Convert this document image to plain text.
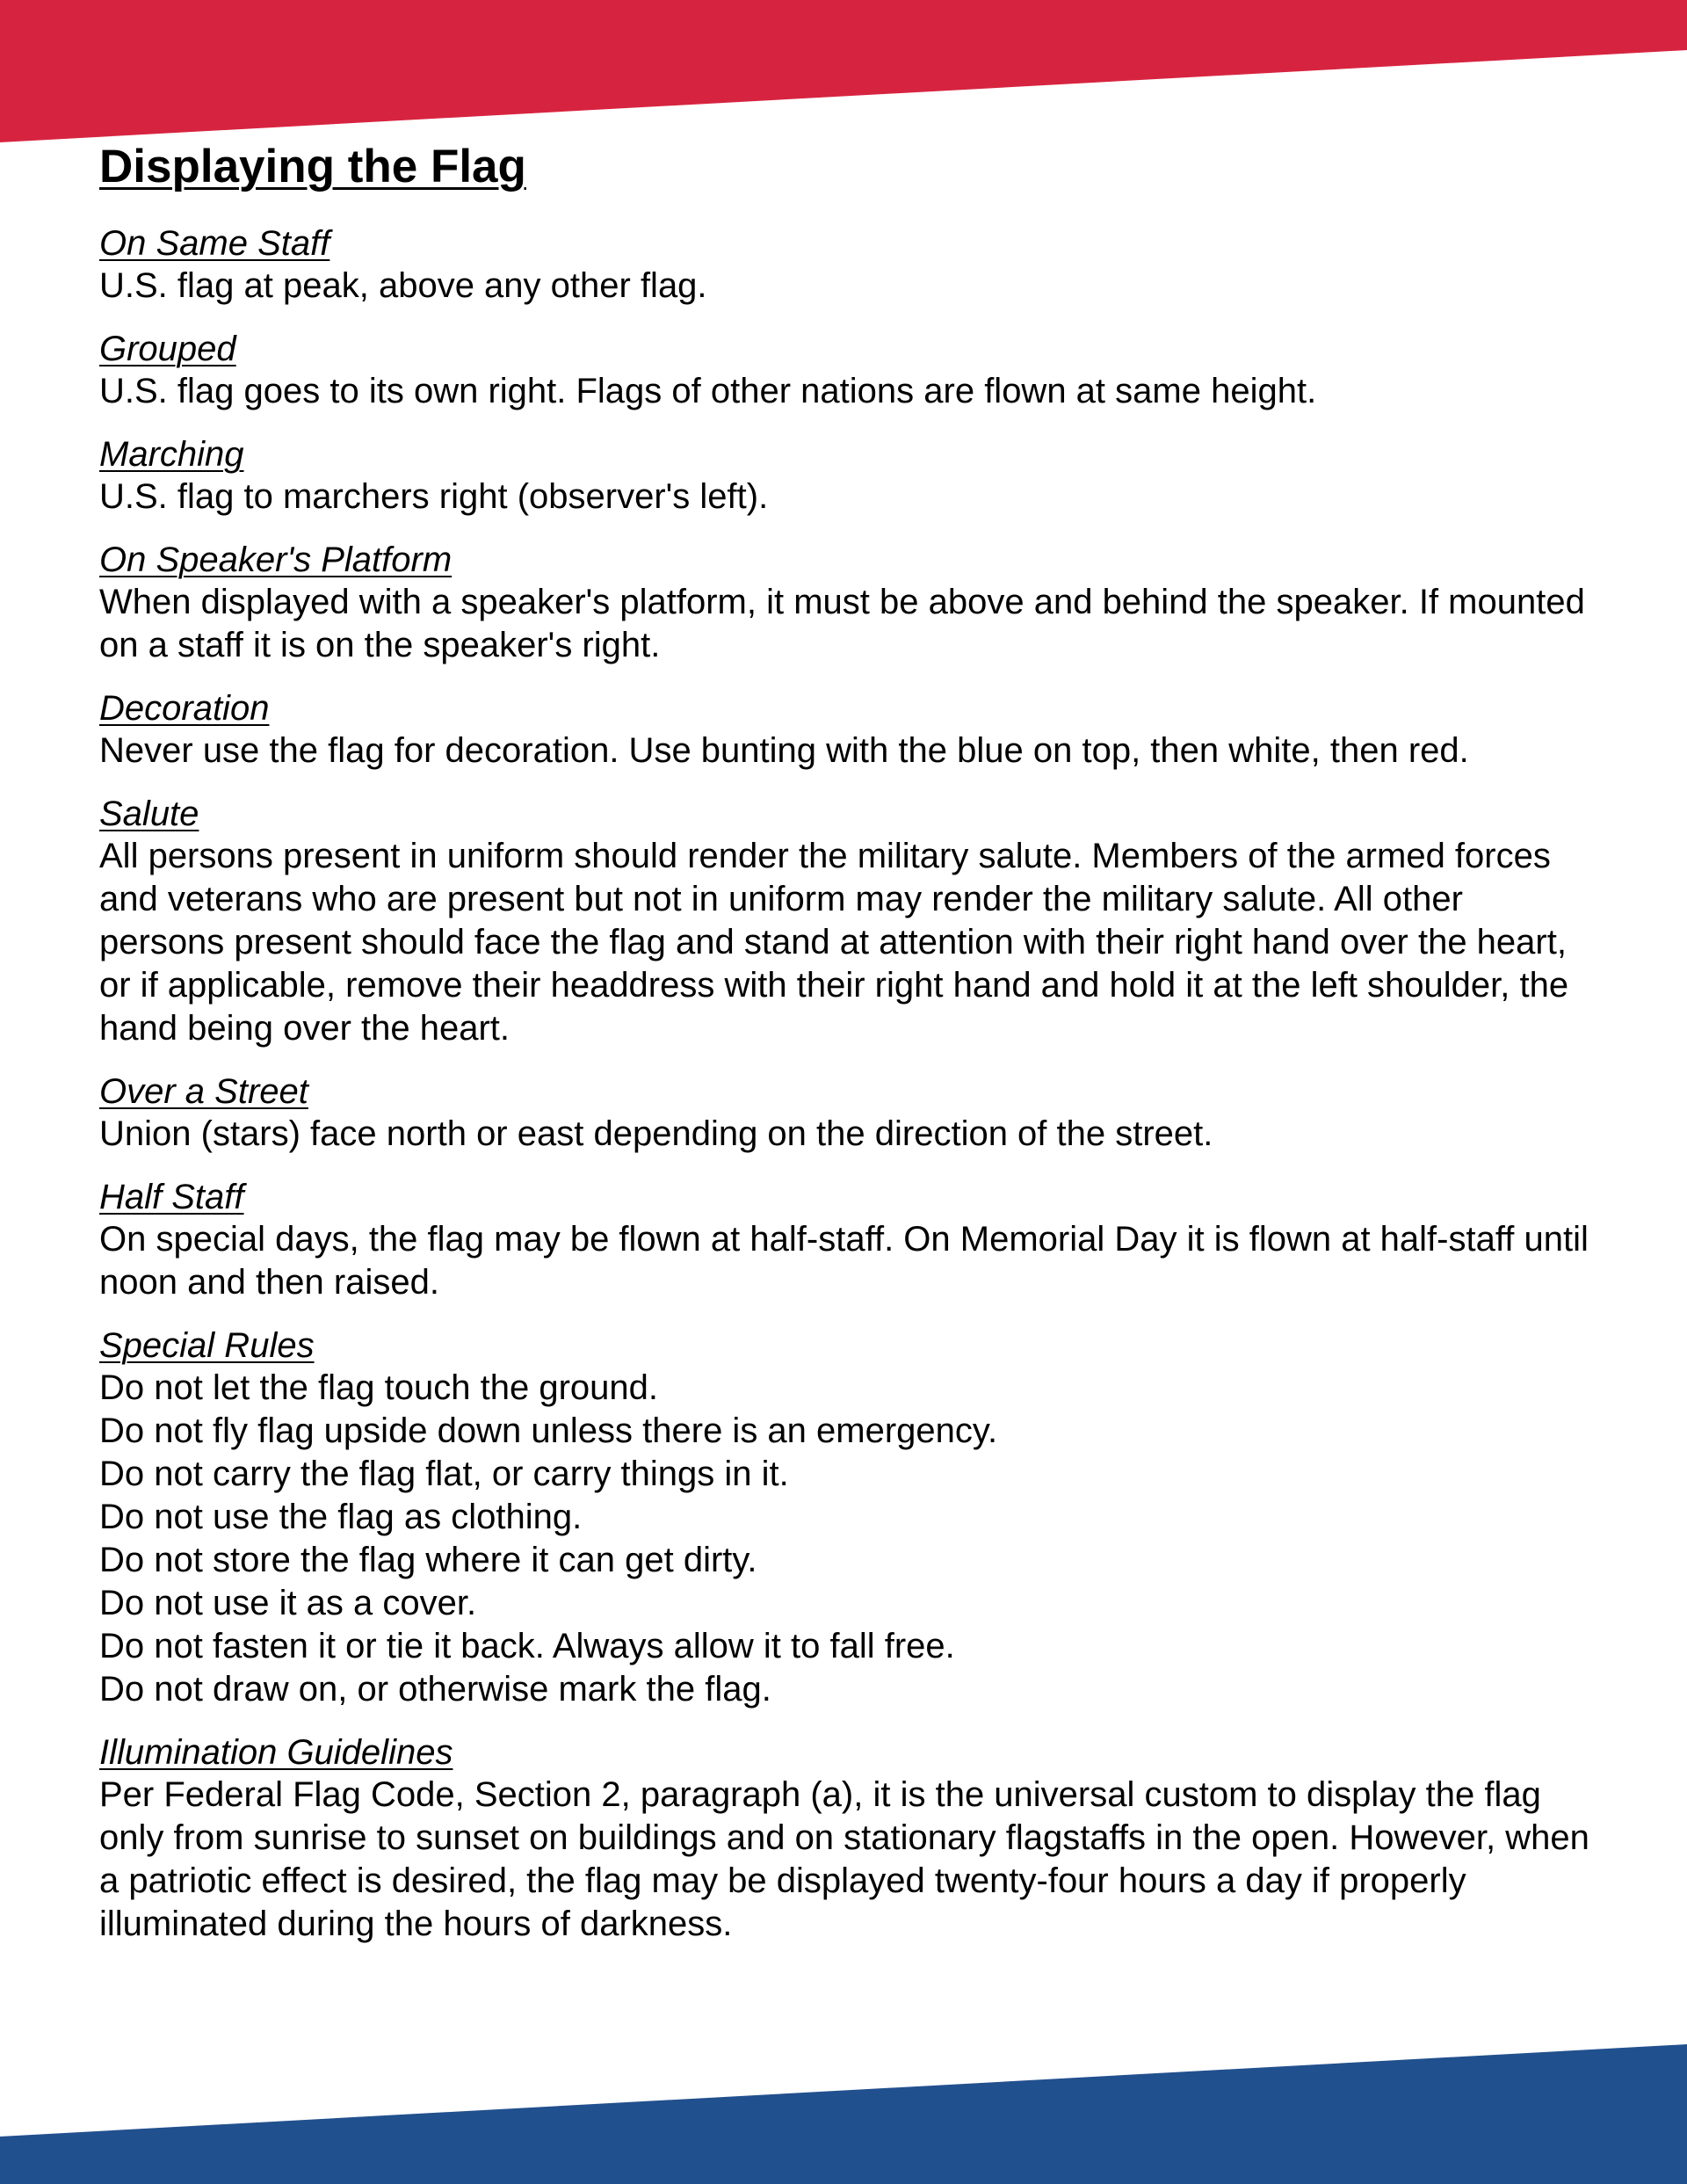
Displaying the Flag
On Same Staff

U.S. flag at peak, above any other flag.

Grouped

U.S. flag goes to its own right. Flags of other nations are flown at same height.

Marching

U.S. flag to marchers right (observer's left).

On Speaker's Platform

When displayed with a speaker's platform, it must be above and behind the speaker. If mounted on a staff it is on the speaker's right.

Decoration

Never use the flag for decoration. Use bunting with the blue on top, then white, then red.

Salute

All persons present in uniform should render the military salute. Members of the armed forces and veterans who are present but not in uniform may render the military salute. All other persons present should face the flag and stand at attention with their right hand over the heart, or if applicable, remove their headdress with their right hand and hold it at the left shoulder, the hand being over the heart.

Over a Street

Union (stars) face north or east depending on the direction of the street.

Half Staff

On special days, the flag may be flown at half-staff. On Memorial Day it is flown at half-staff until noon and then raised.

Special Rules
Do not let the flag touch the ground.
Do not fly flag upside down unless there is an emergency.
Do not carry the flag flat, or carry things in it.
Do not use the flag as clothing.
Do not store the flag where it can get dirty.
Do not use it as a cover.
Do not fasten it or tie it back. Always allow it to fall free.
Do not draw on, or otherwise mark the flag.
Illumination Guidelines

Per Federal Flag Code, Section 2, paragraph (a), it is the universal custom to display the flag only from sunrise to sunset on buildings and on stationary flagstaffs in the open. However, when a patriotic effect is desired, the flag may be displayed twenty-four hours a day if properly illuminated during the hours of darkness.
